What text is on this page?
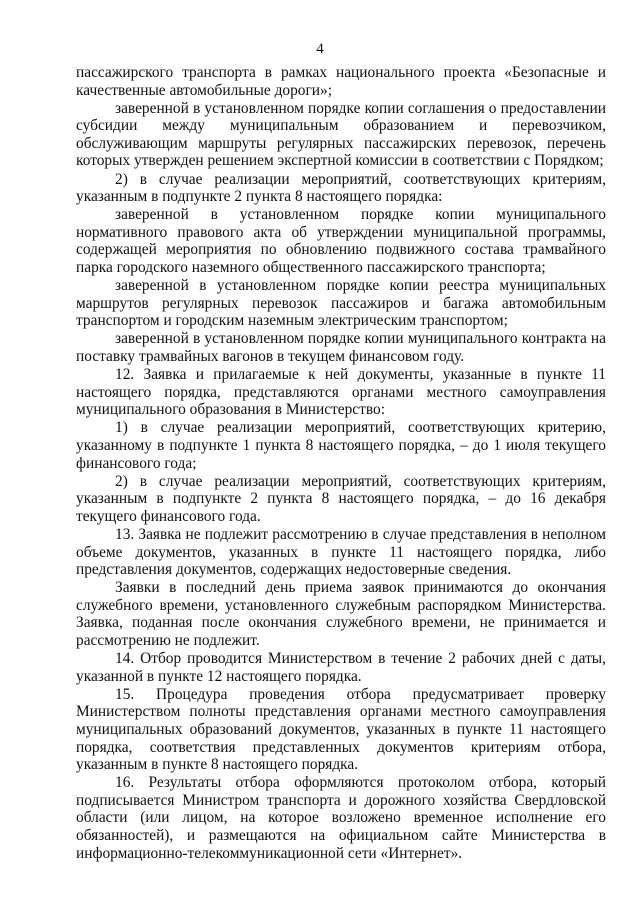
4

пассажирского транспорта в рамках национального проекта «Безопасные и качественные автомобильные дороги»;

заверенной в установленном порядке копии соглашения о предоставлении субсидии между муниципальным образованием и перевозчиком, обслуживающим маршруты регулярных пассажирских перевозок, перечень которых утвержден решением экспертной комиссии в соответствии с Порядком;

2) в случае реализации мероприятий, соответствующих критериям, указанным в подпункте 2 пункта 8 настоящего порядка:

заверенной в установленном порядке копии муниципального нормативного правового акта об утверждении муниципальной программы, содержащей мероприятия по обновлению подвижного состава трамвайного парка городского наземного общественного пассажирского транспорта;

заверенной в установленном порядке копии реестра муниципальных маршрутов регулярных перевозок пассажиров и багажа автомобильным транспортом и городским наземным электрическим транспортом;

заверенной в установленном порядке копии муниципального контракта на поставку трамвайных вагонов в текущем финансовом году.

12. Заявка и прилагаемые к ней документы, указанные в пункте 11 настоящего порядка, представляются органами местного самоуправления муниципального образования в Министерство:

1) в случае реализации мероприятий, соответствующих критерию, указанному в подпункте 1 пункта 8 настоящего порядка, – до 1 июля текущего финансового года;

2) в случае реализации мероприятий, соответствующих критериям, указанным в подпункте 2 пункта 8 настоящего порядка, – до 16 декабря текущего финансового года.

13. Заявка не подлежит рассмотрению в случае представления в неполном объеме документов, указанных в пункте 11 настоящего порядка, либо представления документов, содержащих недостоверные сведения.

Заявки в последний день приема заявок принимаются до окончания служебного времени, установленного служебным распорядком Министерства. Заявка, поданная после окончания служебного времени, не принимается и рассмотрению не подлежит.

14. Отбор проводится Министерством в течение 2 рабочих дней с даты, указанной в пункте 12 настоящего порядка.

15. Процедура проведения отбора предусматривает проверку Министерством полноты представления органами местного самоуправления муниципальных образований документов, указанных в пункте 11 настоящего порядка, соответствия представленных документов критериям отбора, указанным в пункте 8 настоящего порядка.

16. Результаты отбора оформляются протоколом отбора, который подписывается Министром транспорта и дорожного хозяйства Свердловской области (или лицом, на которое возложено временное исполнение его обязанностей), и размещаются на официальном сайте Министерства в информационно-телекоммуникационной сети «Интернет».
